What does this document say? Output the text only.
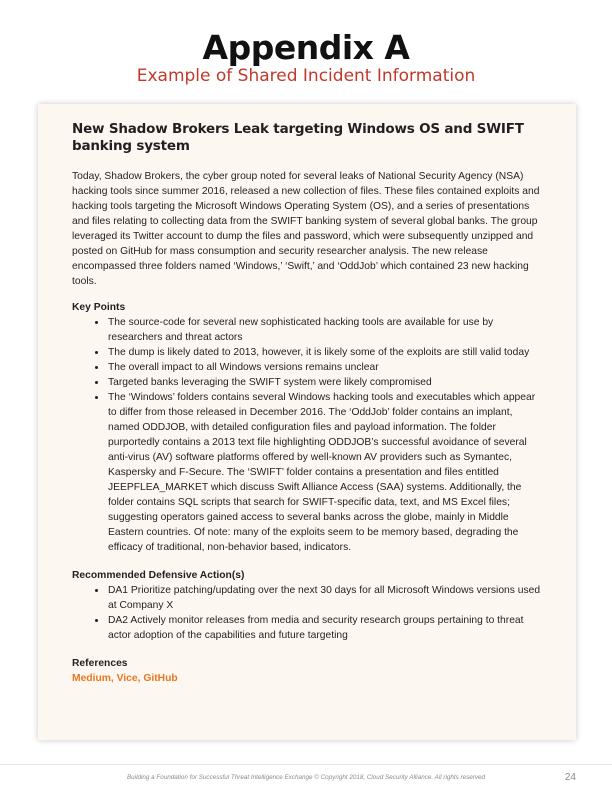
Appendix A
Example of Shared Incident Information
New Shadow Brokers Leak targeting Windows OS and SWIFT banking system

Today, Shadow Brokers, the cyber group noted for several leaks of National Security Agency (NSA) hacking tools since summer 2016, released a new collection of files. These files contained exploits and hacking tools targeting the Microsoft Windows Operating System (OS), and a series of presentations and files relating to collecting data from the SWIFT banking system of several global banks. The group leveraged its Twitter account to dump the files and password, which were subsequently unzipped and posted on GitHub for mass consumption and security researcher analysis. The new release encompassed three folders named ‘Windows,’ ‘Swift,’ and ‘OddJob’ which contained 23 new hacking tools.

Key Points
• The source-code for several new sophisticated hacking tools are available for use by researchers and threat actors
• The dump is likely dated to 2013, however, it is likely some of the exploits are still valid today
• The overall impact to all Windows versions remains unclear
• Targeted banks leveraging the SWIFT system were likely compromised
• The ‘Windows’ folders contains several Windows hacking tools and executables which appear to differ from those released in December 2016. The ‘OddJob’ folder contains an implant, named ODDJOB, with detailed configuration files and payload information. The folder purportedly contains a 2013 text file highlighting ODDJOB’s successful avoidance of several anti-virus (AV) software platforms offered by well-known AV providers such as Symantec, Kaspersky and F-Secure. The ‘SWIFT’ folder contains a presentation and files entitled JEEPFLEA_MARKET which discuss Swift Alliance Access (SAA) systems. Additionally, the folder contains SQL scripts that search for SWIFT-specific data, text, and MS Excel files; suggesting operators gained access to several banks across the globe, mainly in Middle Eastern countries. Of note: many of the exploits seem to be memory based, degrading the efficacy of traditional, non-behavior based, indicators.
Recommended Defensive Action(s)
• DA1 Prioritize patching/updating over the next 30 days for all Microsoft Windows versions used at Company X
• DA2 Actively monitor releases from media and security research groups pertaining to threat actor adoption of the capabilities and future targeting
References
Medium, Vice, GitHub
Building a Foundation for Successful Threat Intelligence Exchange © Copyright 2018, Cloud Security Alliance. All rights reserved	24
